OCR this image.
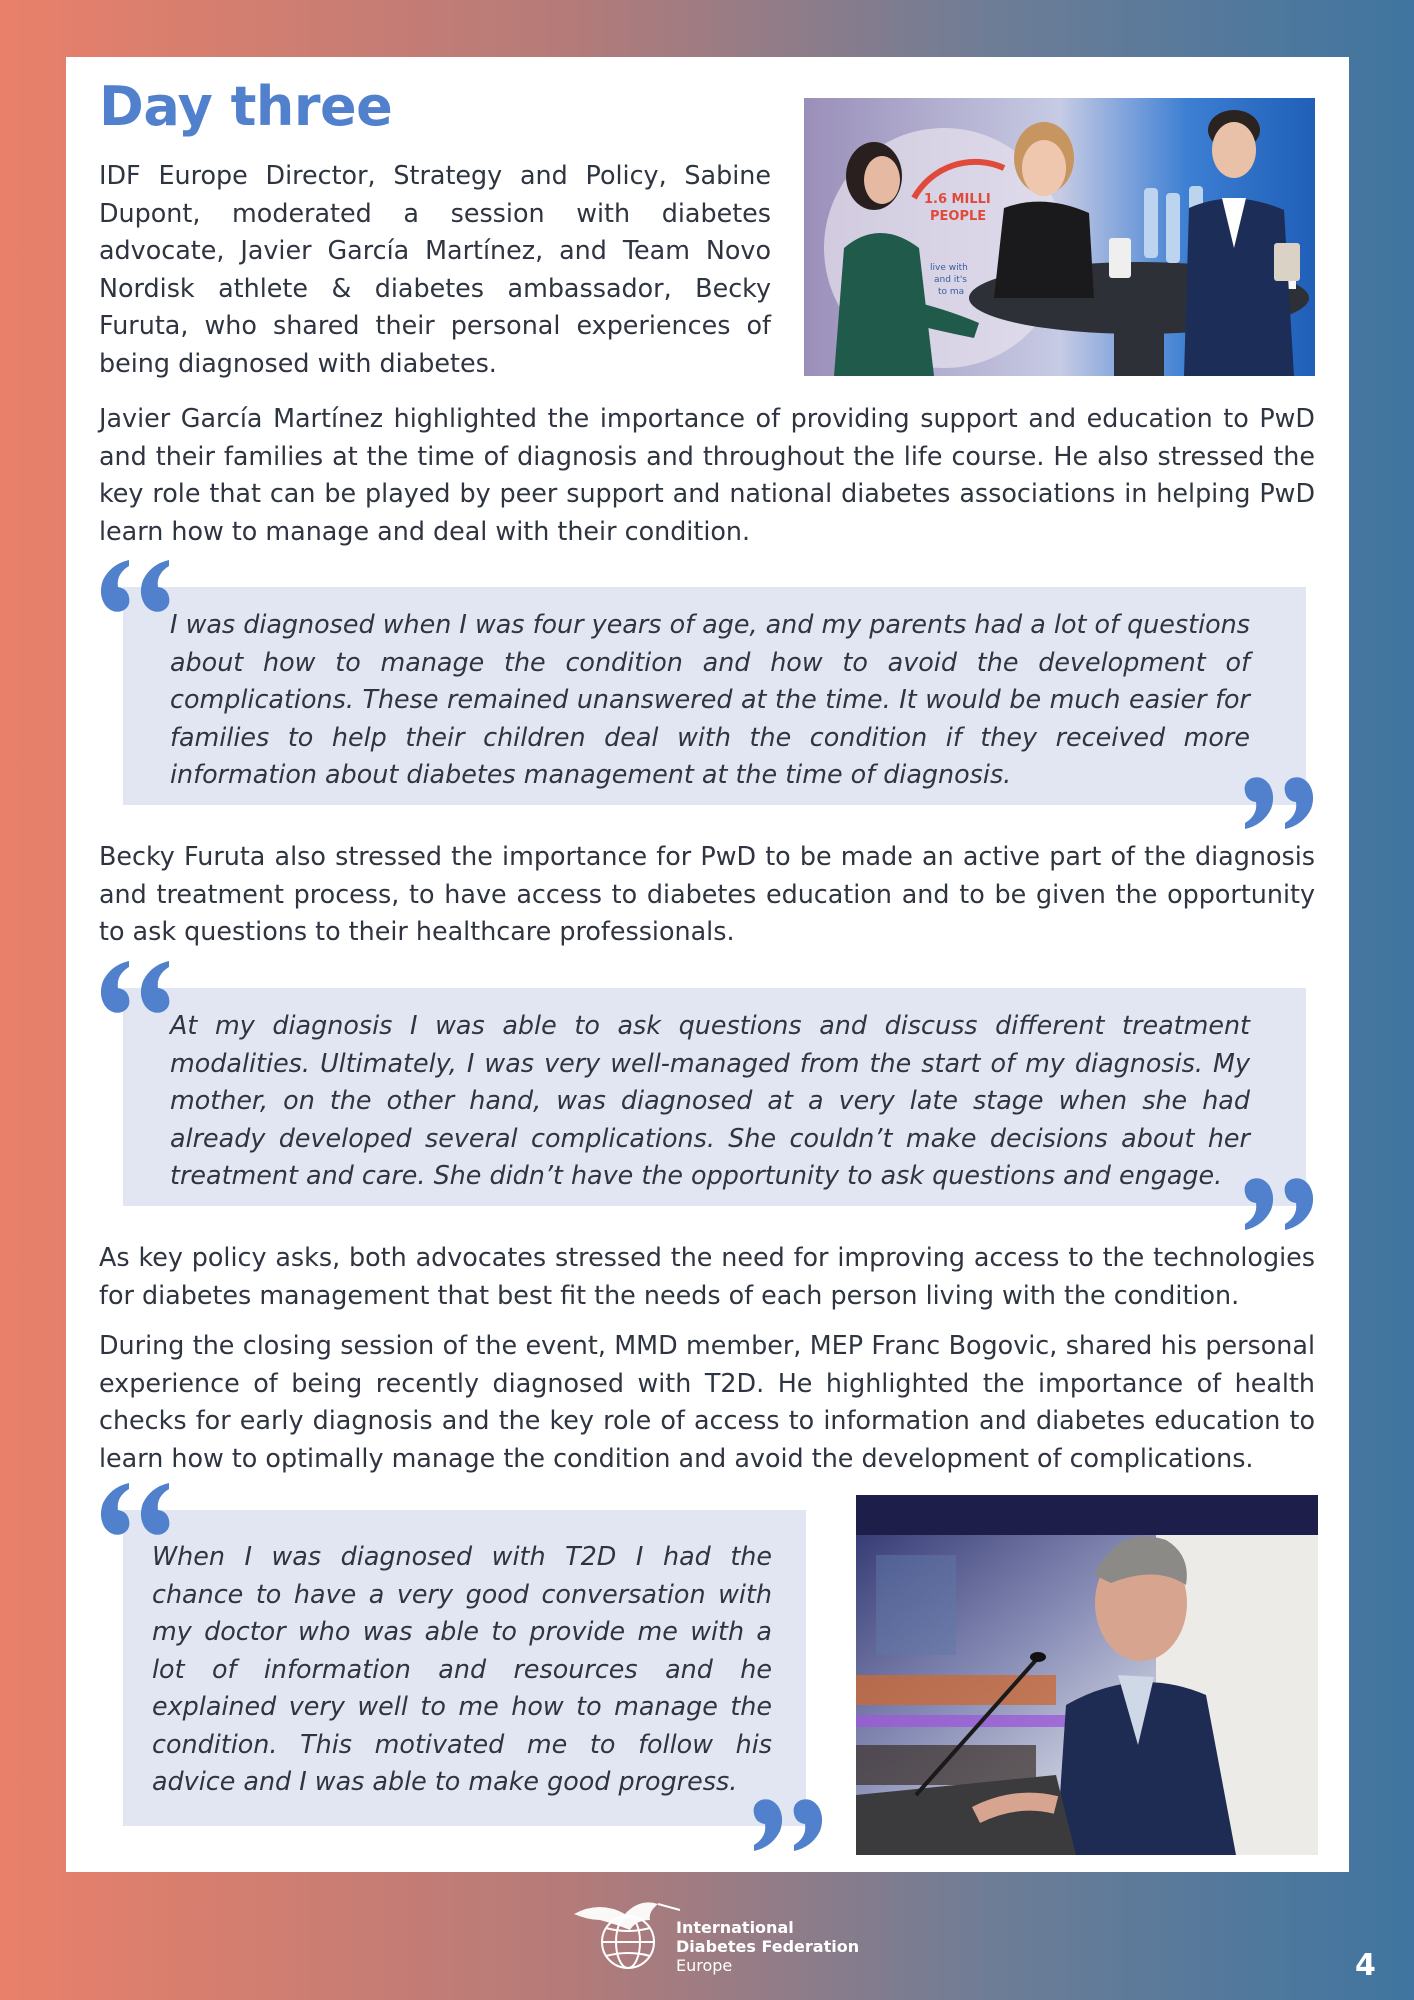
Day three

IDF Europe Director, Strategy and Policy, Sabine Dupont, moderated a session with diabetes advocate, Javier García Martínez, and Team Novo Nordisk athlete & diabetes ambassador, Becky Furuta, who shared their personal experiences of being diagnosed with diabetes.

1.6 MILLI
PEOPLE
live with
and it's
to ma

Javier García Martínez highlighted the importance of providing support and education to PwD and their families at the time of diagnosis and throughout the life course. He also stressed the key role that can be played by peer support and national diabetes associations in helping PwD learn how to manage and deal with their condition.

I was diagnosed when I was four years of age, and my parents had a lot of questions about how to manage the condition and how to avoid the development of complications. These remained unanswered at the time. It would be much easier for families to help their children deal with the condition if they received more information about diabetes management at the time of diagnosis.

Becky Furuta also stressed the importance for PwD to be made an active part of the diagnosis and treatment process, to have access to diabetes education and to be given the opportunity to ask questions to their healthcare professionals.

At my diagnosis I was able to ask questions and discuss different treatment modalities. Ultimately, I was very well-managed from the start of my diagnosis. My mother, on the other hand, was diagnosed at a very late stage when she had already developed several complications. She couldn’t make decisions about her treatment and care. She didn’t have the opportunity to ask questions and engage.

As key policy asks, both advocates stressed the need for improving access to the technologies for diabetes management that best fit the needs of each person living with the condition.

During the closing session of the event, MMD member, MEP Franc Bogovic, shared his personal experience of being recently diagnosed with T2D. He highlighted the importance of health checks for early diagnosis and the key role of access to information and diabetes education to learn how to optimally manage the condition and avoid the development of complications.

When I was diagnosed with T2D I had the chance to have a very good conversation with my doctor who was able to provide me with a lot of information and resources and he explained very well to me how to manage the condition. This motivated me to follow his advice and I was able to make good progress.

International
Diabetes Federation
Europe	4
